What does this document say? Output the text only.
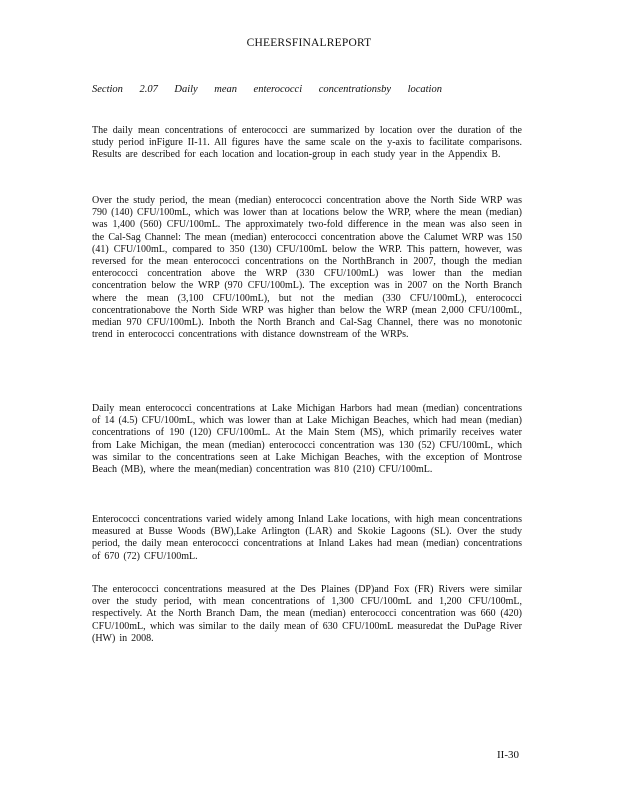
CHEERSFINALREPORT
Section 2.07 Daily mean enterococci concentrationsby location

The daily mean concentrations of enterococci are summarized by location over the duration of the study period inFigure II-11. All figures have the same scale on the y-axis to facilitate comparisons. Results are described for each location and location-group in each study year in the Appendix B.

Over the study period, the mean (median) enterococci concentration above the North Side WRP was 790 (140) CFU/100mL, which was lower than at locations below the WRP, where the mean (median) was 1,400 (560) CFU/100mL. The approximately two-fold difference in the mean was also seen in the Cal-Sag Channel: The mean (median) enterococci concentration above the Calumet WRP was 150 (41) CFU/100mL, compared to 350 (130) CFU/100mL below the WRP. This pattern, however, was reversed for the mean enterococci concentrations on the NorthBranch in 2007, though the median enterococci concentration above the WRP (330 CFU/100mL) was lower than the median concentration below the WRP (970 CFU/100mL). The exception was in 2007 on the North Branch where the mean (3,100 CFU/100mL), but not the median (330 CFU/100mL), enterococci concentrationabove the North Side WRP was higher than below the WRP (mean 2,000 CFU/100mL, median 970 CFU/100mL). Inboth the North Branch and Cal-Sag Channel, there was no monotonic trend in enterococci concentrations with distance downstream of the WRPs.

Daily mean enterococci concentrations at Lake Michigan Harbors had mean (median) concentrations of 14 (4.5) CFU/100mL, which was lower than at Lake Michigan Beaches, which had mean (median) concentrations of 190 (120) CFU/100mL. At the Main Stem (MS), which primarily receives water from Lake Michigan, the mean (median) enterococci concentration was 130 (52) CFU/100mL, which was similar to the concentrations seen at Lake Michigan Beaches, with the exception of Montrose Beach (MB), where the mean(median) concentration was 810 (210) CFU/100mL.

Enterococci concentrations varied widely among Inland Lake locations, with high mean concentrations measured at Busse Woods (BW),Lake Arlington (LAR) and Skokie Lagoons (SL). Over the study period, the daily mean enterococci concentrations at Inland Lakes had mean (median) concentrations of 670 (72) CFU/100mL.

The enterococci concentrations measured at the Des Plaines (DP)and Fox (FR) Rivers were similar over the study period, with mean concentrations of 1,300 CFU/100mL and 1,200 CFU/100mL, respectively. At the North Branch Dam, the mean (median) enterococci concentration was 660 (420) CFU/100mL, which was similar to the daily mean of 630 CFU/100mL measuredat the DuPage River (HW) in 2008.

II-30
